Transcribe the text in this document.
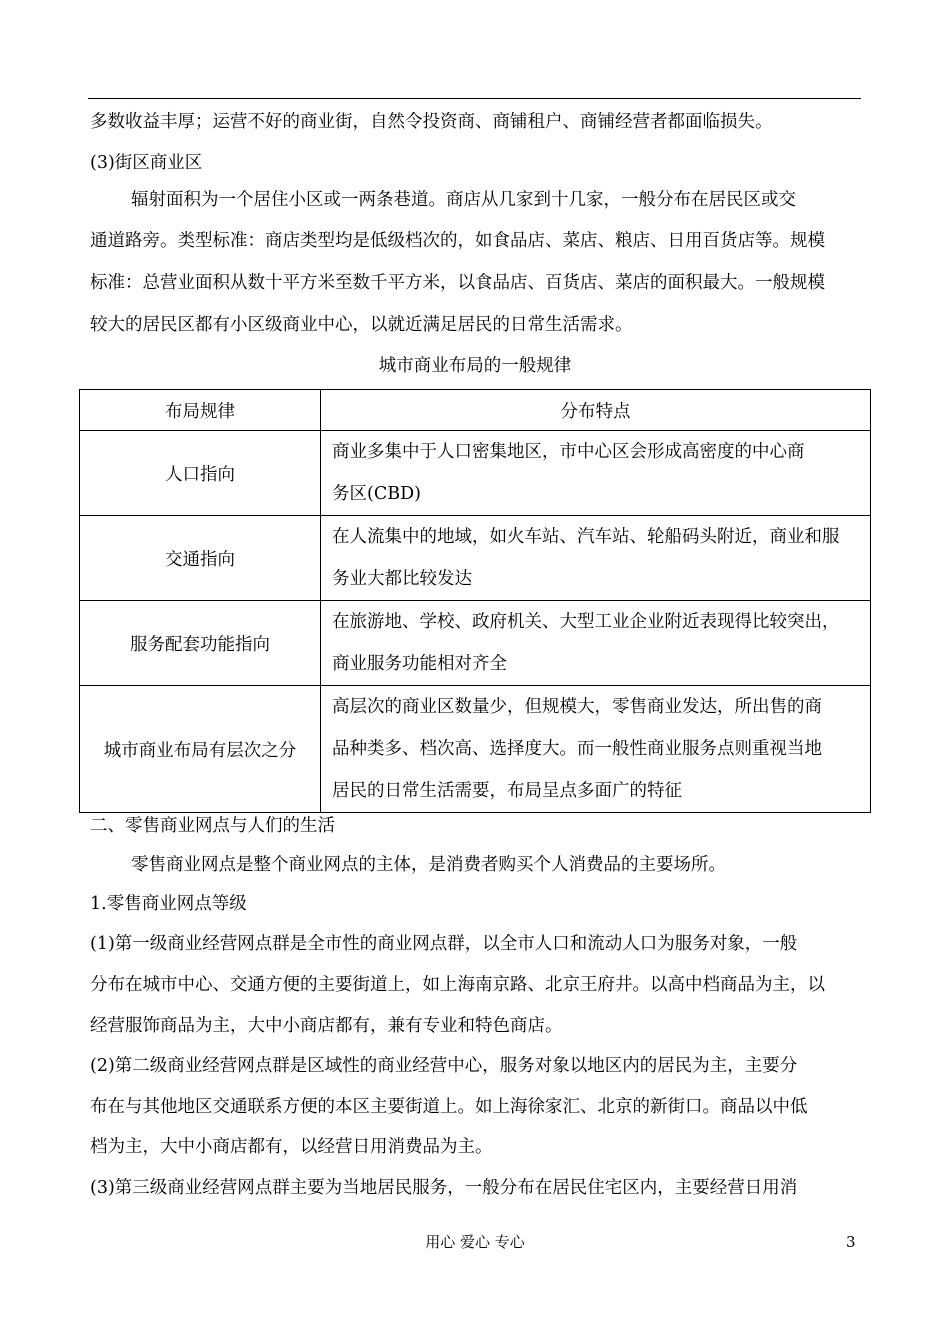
多数收益丰厚；运营不好的商业街，自然令投资商、商铺租户、商铺经营者都面临损失。
(3)街区商业区
辐射面积为一个居住小区或一两条巷道。商店从几家到十几家，一般分布在居民区或交
通道路旁。类型标准：商店类型均是低级档次的，如食品店、菜店、粮店、日用百货店等。规模
标准：总营业面积从数十平方米至数千平方米，以食品店、百货店、菜店的面积最大。一般规模
较大的居民区都有小区级商业中心，以就近满足居民的日常生活需求。
城市商业布局的一般规律
布局规律	分布特点
人口指向	商业多集中于人口密集地区，市中心区会形成高密度的中心商
务区(CBD)

交通指向	在人流集中的地域，如火车站、汽车站、轮船码头附近，商业和服
务业大都比较发达

服务配套功能指向	在旅游地、学校、政府机关、大型工业企业附近表现得比较突出，
商业服务功能相对齐全

城市商业布局有层次之分	高层次的商业区数量少，但规模大，零售商业发达，所出售的商
品种类多、档次高、选择度大。而一般性商业服务点则重视当地
居民的日常生活需要，布局呈点多面广的特征
二、零售商业网点与人们的生活
零售商业网点是整个商业网点的主体，是消费者购买个人消费品的主要场所。
1.零售商业网点等级
(1)第一级商业经营网点群是全市性的商业网点群，以全市人口和流动人口为服务对象，一般
分布在城市中心、交通方便的主要街道上，如上海南京路、北京王府井。以高中档商品为主，以
经营服饰商品为主，大中小商店都有，兼有专业和特色商店。
(2)第二级商业经营网点群是区域性的商业经营中心，服务对象以地区内的居民为主，主要分
布在与其他地区交通联系方便的本区主要街道上。如上海徐家汇、北京的新街口。商品以中低
档为主，大中小商店都有，以经营日用消费品为主。
(3)第三级商业经营网点群主要为当地居民服务，一般分布在居民住宅区内，主要经营日用消
用心 爱心 专心	3
